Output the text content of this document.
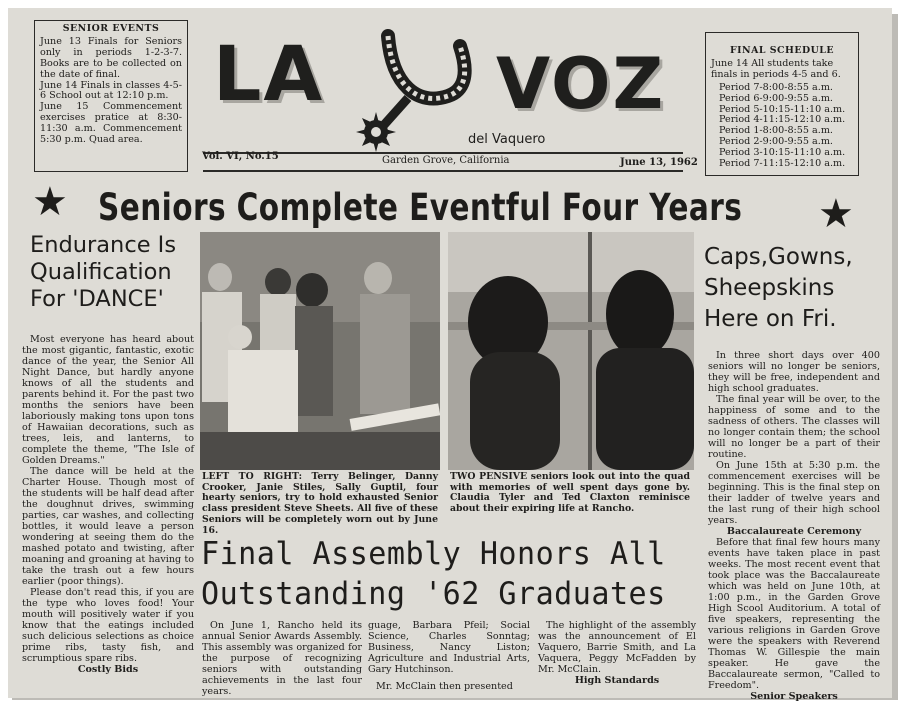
SENIOR EVENTS

June 13 Finals for Seniors only in periods 1-2-3-7. Books are to be collected on the date of final.

June 14 Finals in classes 4-5-6 School out at 12:10 p.m.

June 15 Commencement exercises pratice at 8:30-11:30 a.m. Commencement 5:30 p.m. Quad area.

LA VOZ
del Vaquero
Vol. VI, No.15	Garden Grove, California	June 13, 1962
FINAL SCHEDULE

June 14 All students take finals in periods 4-5 and 6.

Period 7-8:00-8:55 a.m.

Period 6-9:00-9:55 a.m.

Period 5-10:15-11:10 a.m.

Period 4-11:15-12:10 a.m.

Period 1-8:00-8:55 a.m.

Period 2-9:00-9:55 a.m.

Period 3-10:15-11:10 a.m.

Period 7-11:15-12:10 a.m.

★ Seniors Complete Eventful Four Years ★
Endurance Is
Qualification
For 'DANCE'

Most everyone has heard about the most gigantic, fantastic, exotic dance of the year, the Senior All Night Dance, but hardly anyone knows of all the students and parents behind it. For the past two months the seniors have been laboriously making tons upon tons of Hawaiian decorations, such as trees, leis, and lanterns, to complete the theme, "The Isle of Golden Dreams."

The dance will be held at the Charter House. Though most of the students will be half dead after the doughnut drives, swimming parties, car washes, and collecting bottles, it would leave a person wondering at seeing them do the mashed potato and twisting, after moaning and groaning at having to take the trash out a few hours earlier (poor things).

Please don't read this, if you are the type who loves food! Your mouth will positively water if you know that the eatings included such delicious selections as choice prime ribs, tasty fish, and scrumptious spare ribs.

Costly Bids

LEFT TO RIGHT: Terry Belinger, Danny Crooker, Janie Stiles, Sally Guptil, four hearty seniors, try to hold exhausted Senior class president Steve Sheets. All five of these Seniors will be completely worn out by June 16.
TWO PENSIVE seniors look out into the quad with memories of well spent days gone by. Claudia Tyler and Ted Claxton reminisce about their expiring life at Rancho.
Final Assembly Honors All
Outstanding '62 Graduates

On June 1, Rancho held its annual Senior Awards Assembly. This assembly was organized for the purpose of recognizing seniors with outstanding achievements in the last four years.

guage, Barbara Pfeil; Social Science, Charles Sonntag; Business, Nancy Liston; Agriculture and Industrial Arts, Gary Hutchinson.

Mr. McClain then presented

The highlight of the assembly was the announcement of El Vaquero, Barrie Smith, and La Vaquera, Peggy McFadden by Mr. McClain.

High Standards

Caps,Gowns,
Sheepskins
Here on Fri.

In three short days over 400 seniors will no longer be seniors, they will be free, independent and high school graduates.

The final year will be over, to the happiness of some and to the sadness of others. The classes will no longer contain them; the school will no longer be a part of their routine.

On June 15th at 5:30 p.m. the commencement exercises will be beginning. This is the final step on their ladder of twelve years and the last rung of their high school years.

Baccalaureate Ceremony

Before that final few hours many events have taken place in past weeks. The most recent event that took place was the Baccalaureate which was held on June 10th, at 1:00 p.m., in the Garden Grove High Scool Auditorium. A total of five speakers, representing the various religions in Garden Grove were the speakers with Reverend Thomas W. Gillespie the main speaker. He gave the Baccalaureate sermon, "Called to Freedom".

Senior Speakers
